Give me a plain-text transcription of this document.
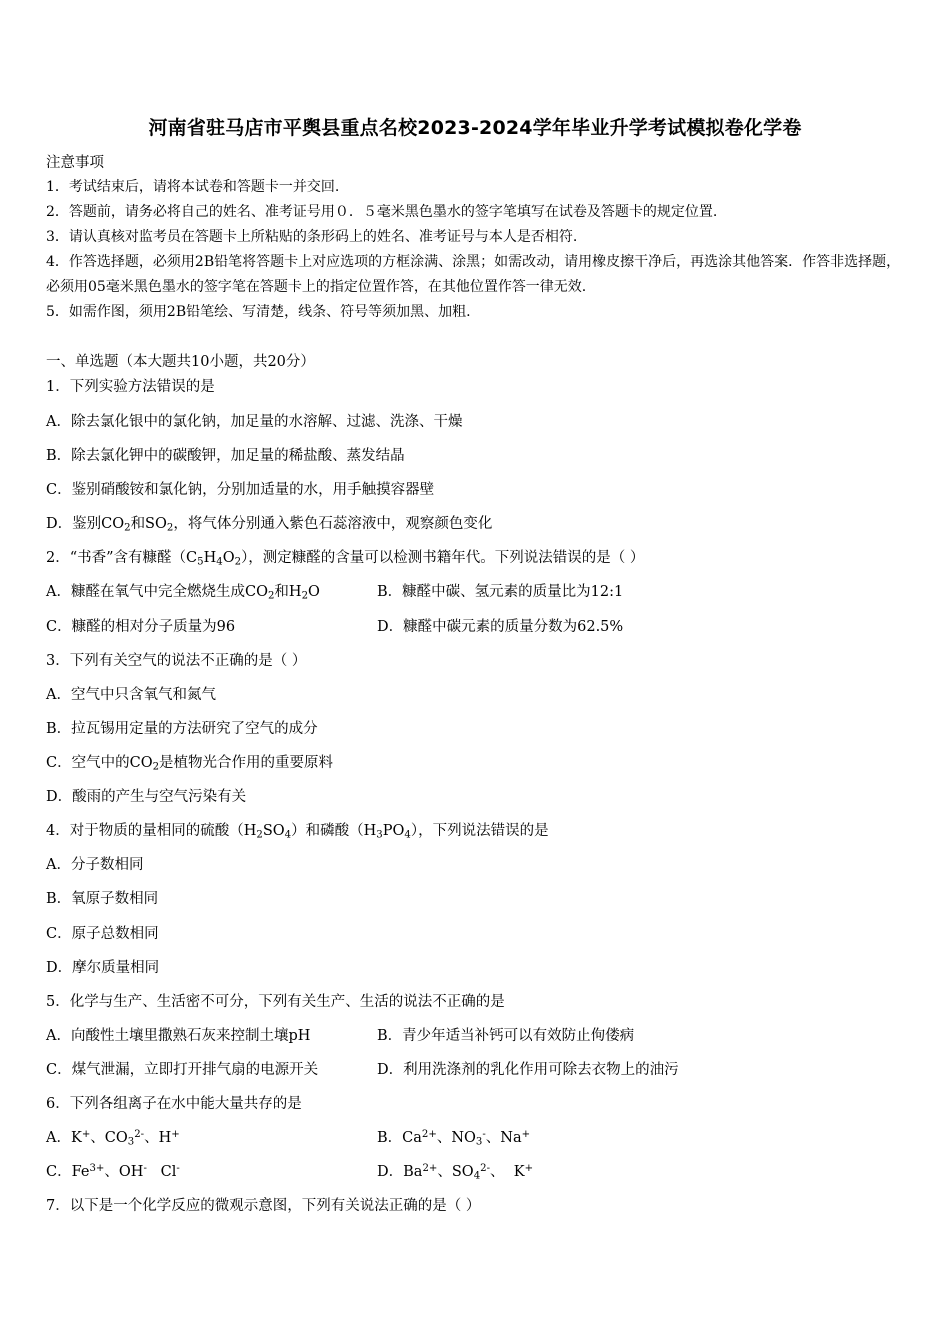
河南省驻马店市平舆县重点名校2023-2024学年毕业升学考试模拟卷化学卷
注意事项
1．考试结束后，请将本试卷和答题卡一并交回.
2．答题前，请务必将自己的姓名、准考证号用０．５毫米黑色墨水的签字笔填写在试卷及答题卡的规定位置.
3．请认真核对监考员在答题卡上所粘贴的条形码上的姓名、准考证号与本人是否相符.
4．作答选择题，必须用2B铅笔将答题卡上对应选项的方框涂满、涂黑；如需改动，请用橡皮擦干净后，再选涂其他答案．作答非选择题，必须用05毫米黑色墨水的签字笔在答题卡上的指定位置作答，在其他位置作答一律无效.
5．如需作图，须用2B铅笔绘、写清楚，线条、符号等须加黑、加粗.
一、单选题（本大题共10小题，共20分）
1．下列实验方法错误的是
A．除去氯化银中的氯化钠，加足量的水溶解、过滤、洗涤、干燥
B．除去氯化钾中的碳酸钾，加足量的稀盐酸、蒸发结晶
C．鉴别硝酸铵和氯化钠，分别加适量的水，用手触摸容器壁
D．鉴别$CO_2$和$SO_2$，将气体分别通入紫色石蕊溶液中，观察颜色变化
2．“书香”含有糠醛$(C_5H_4O_2)$，测定糠醛的含量可以检测书籍年代。下列说法错误的是（ ）
A．糠醛在氧气中完全燃烧生成$CO_2$和$H_2O$	B．糠醛中碳、氢元素的质量比为12:1
C．糠醛的相对分子质量为96	D．糠醛中碳元素的质量分数为62.5%
3．下列有关空气的说法不正确的是（ ）
A．空气中只含氧气和氮气
B．拉瓦锡用定量的方法研究了空气的成分
C．空气中的$CO_2$是植物光合作用的重要原料
D．酸雨的产生与空气污染有关
4．对于物质的量相同的硫酸$(H_2SO_4)$和磷酸$(H_3PO_4)$，下列说法错误的是
A．分子数相同
B．氧原子数相同
C．原子总数相同
D．摩尔质量相同
5．化学与生产、生活密不可分，下列有关生产、生活的说法不正确的是
A．向酸性土壤里撒熟石灰来控制土壤pH	B．青少年适当补钙可以有效防止佝偻病
C．煤气泄漏，立即打开排气扇的电源开关	D．利用洗涤剂的乳化作用可除去衣物上的油污
6．下列各组离子在水中能大量共存的是
A．K+、$CO_3^{2-}$、H+	B．$Ca^{2+}$、$NO_3^-$、Na+
C．$Fe^{3+}$、OH-   Cl-	D．$Ba^{2+}$、$SO_4^{2-}$、  K+
7．以下是一个化学反应的微观示意图，下列有关说法正确的是（ ）
